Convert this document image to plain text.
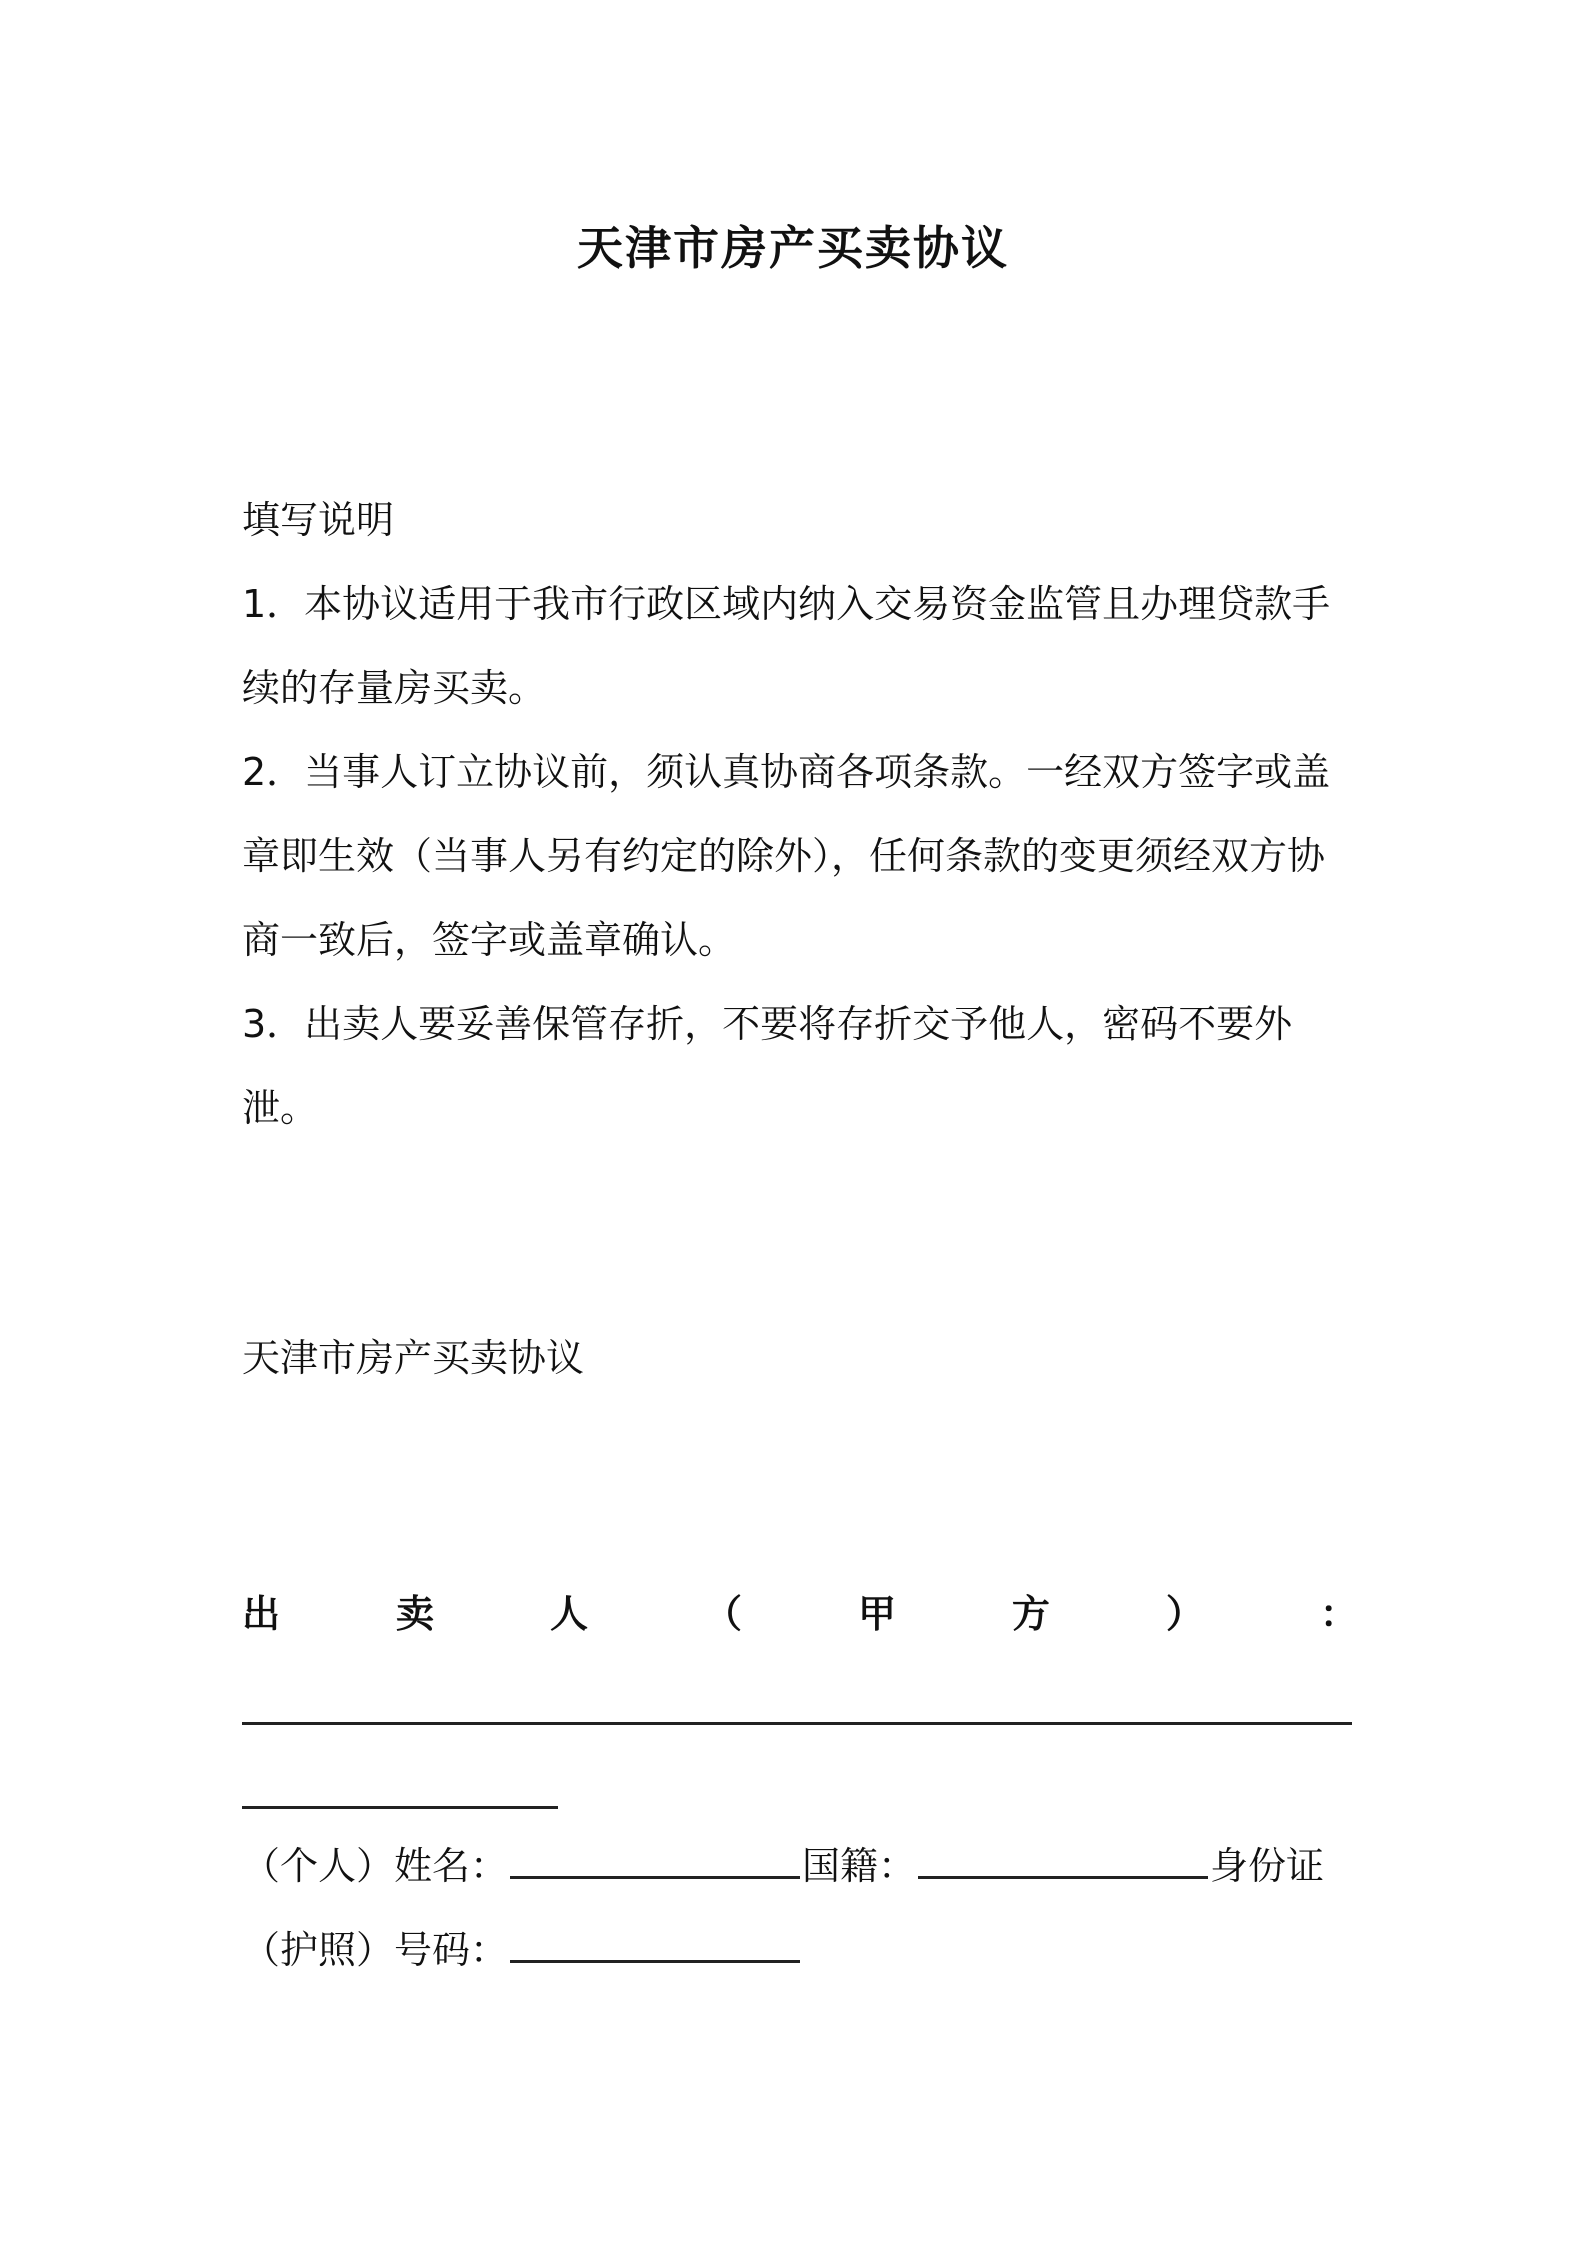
天津市房产买卖协议

填写说明

1．本协议适用于我市行政区域内纳入交易资金监管且办理贷款手续的存量房买卖。

2．当事人订立协议前，须认真协商各项条款。一经双方签字或盖章即生效（当事人另有约定的除外），任何条款的变更须经双方协商一致后，签字或盖章确认。

3．出卖人要妥善保管存折，不要将存折交予他人，密码不要外泄。

天津市房产买卖协议
出	卖	人	（	甲	方	）	：
（个人）姓名：	国籍：	身份证
（护照）号码：
